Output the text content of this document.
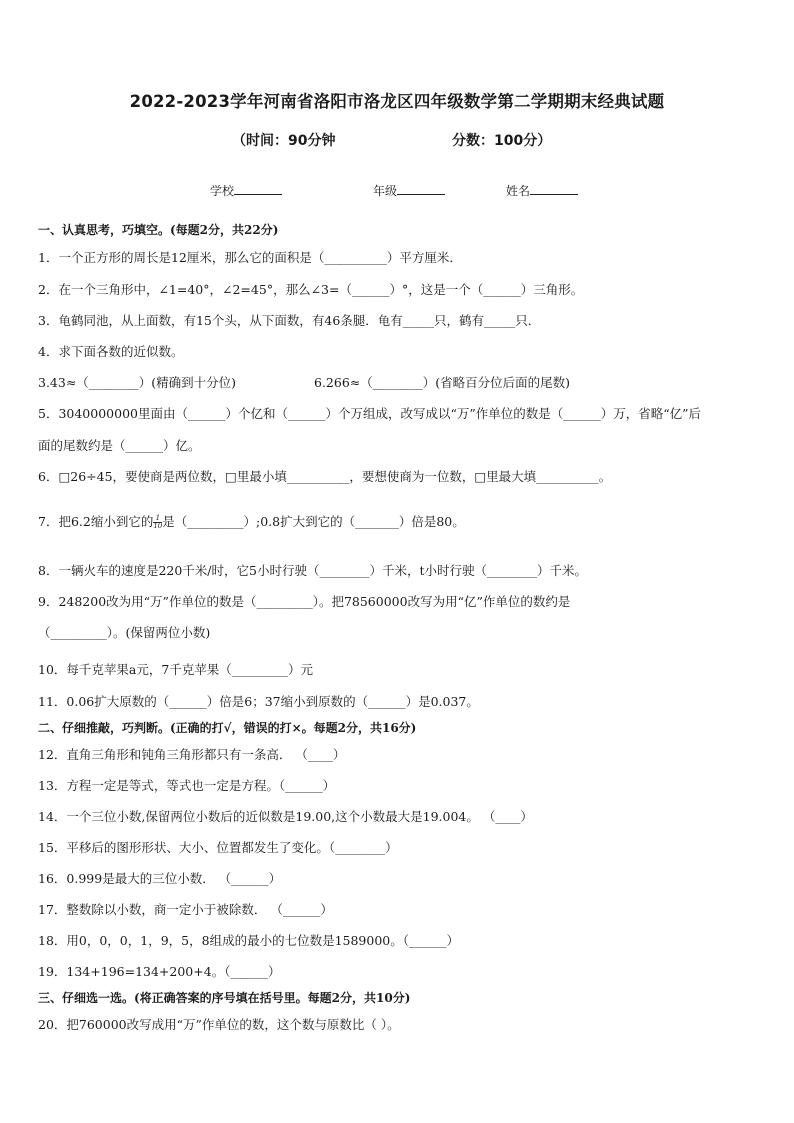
2022-2023学年河南省洛阳市洛龙区四年级数学第二学期期末经典试题
（时间：90分钟	分数：100分）
学校	年级	姓名
一、认真思考，巧填空。(每题2分，共22分)
1．一个正方形的周长是12厘米，那么它的面积是（__________）平方厘米．
2．在一个三角形中，∠1=40°，∠2=45°，那么∠3=（______）°，这是一个（______）三角形。
3．龟鹤同池，从上面数，有15个头，从下面数，有46条腿．龟有_____只，鹤有_____只．
4．求下面各数的近似数。
3.43≈（________）(精确到十分位)	6.266≈（________）(省略百分位后面的尾数)
5．3040000000里面由（______）个亿和（______）个万组成，改写成以“万”作单位的数是（______）万，省略“亿”后
面的尾数约是（______）亿。
6．□26÷45，要使商是两位数，□里最小填__________，要想使商为一位数，□里最大填__________。
7．把6.2缩小到它的 $\frac{1}{10}$ 是（_________）;0.8扩大到它的（_______）倍是80。
8．一辆火车的速度是220千米/时，它5小时行驶（________）千米，t小时行驶（________）千米。
9．248200改为用“万”作单位的数是（_________）。把78560000改写为用“亿”作单位的数约是
（_________）。(保留两位小数)
10．每千克苹果a元，7千克苹果（_________）元
11．0.06扩大原数的（______）倍是6；37缩小到原数的（______）是0.037。
二、仔细推敲，巧判断。(正确的打√，错误的打×。每题2分，共16分)
12．直角三角形和钝角三角形都只有一条高． （____）
13．方程一定是等式，等式也一定是方程。（______）
14．一个三位小数,保留两位小数后的近似数是19.00,这个小数最大是19.004。 （____）
15．平移后的图形形状、大小、位置都发生了变化。（________）
16．0.999是最大的三位小数． （______）
17．整数除以小数，商一定小于被除数． （______）
18．用0，0，0，1，9，5，8组成的最小的七位数是1589000。（______）
19．134+196=134+200+4。（______）
三、仔细选一选。(将正确答案的序号填在括号里。每题2分，共10分)
20．把760000改写成用“万”作单位的数，这个数与原数比（ ）。
